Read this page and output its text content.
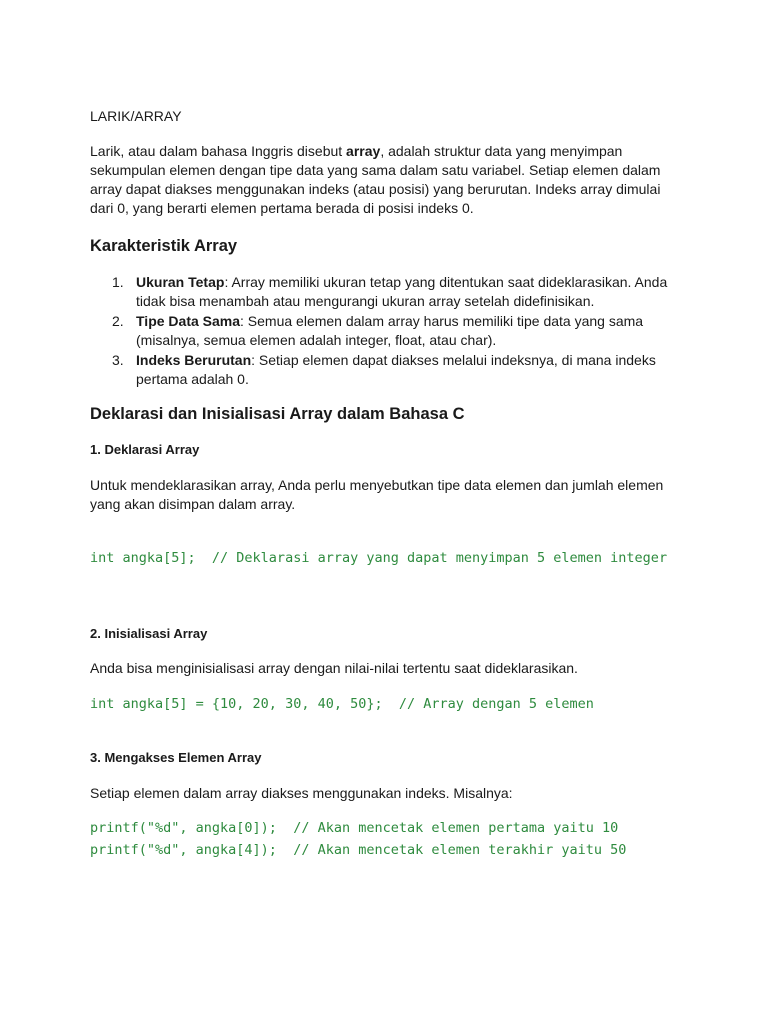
LARIK/ARRAY

Larik, atau dalam bahasa Inggris disebut array, adalah struktur data yang menyimpan sekumpulan elemen dengan tipe data yang sama dalam satu variabel. Setiap elemen dalam array dapat diakses menggunakan indeks (atau posisi) yang berurutan. Indeks array dimulai dari 0, yang berarti elemen pertama berada di posisi indeks 0.

Karakteristik Array
1. Ukuran Tetap: Array memiliki ukuran tetap yang ditentukan saat dideklarasikan. Anda tidak bisa menambah atau mengurangi ukuran array setelah didefinisikan.
2. Tipe Data Sama: Semua elemen dalam array harus memiliki tipe data yang sama (misalnya, semua elemen adalah integer, float, atau char).
3. Indeks Berurutan: Setiap elemen dapat diakses melalui indeksnya, di mana indeks pertama adalah 0.
Deklarasi dan Inisialisasi Array dalam Bahasa C
1. Deklarasi Array

Untuk mendeklarasikan array, Anda perlu menyebutkan tipe data elemen dan jumlah elemen yang akan disimpan dalam array.

int angka[5];  // Deklarasi array yang dapat menyimpan 5 elemen integer
2. Inisialisasi Array

Anda bisa menginisialisasi array dengan nilai-nilai tertentu saat dideklarasikan.

int angka[5] = {10, 20, 30, 40, 50};  // Array dengan 5 elemen
3. Mengakses Elemen Array

Setiap elemen dalam array diakses menggunakan indeks. Misalnya:

printf("%d", angka[0]);  // Akan mencetak elemen pertama yaitu 10
printf("%d", angka[4]);  // Akan mencetak elemen terakhir yaitu 50
